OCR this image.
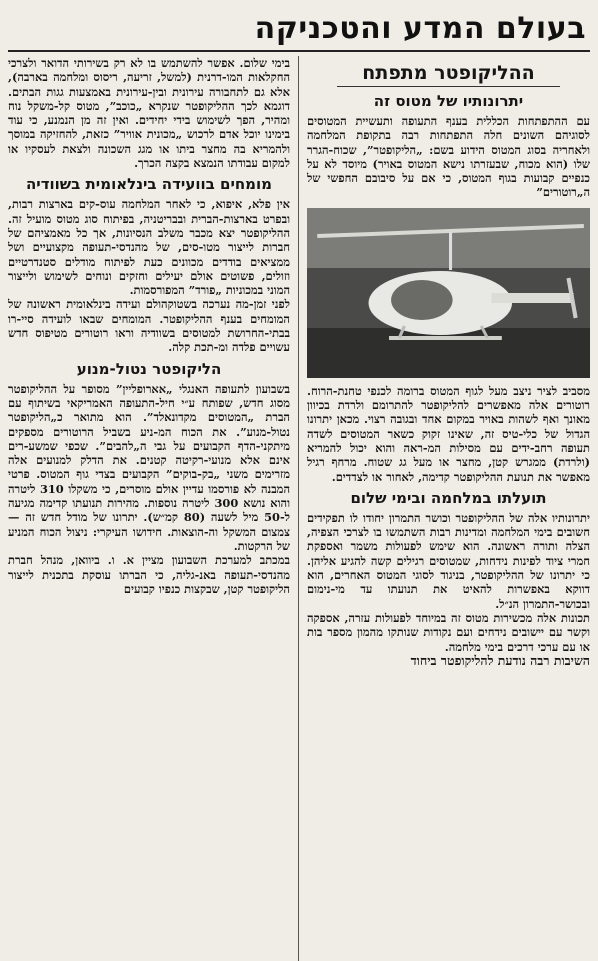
בעולם המדע והטכניקה
ההליקופטר מתפתח
יתרונותיו של מטוס זה

עם ההתפתחות הכללית בענף התעופה ותעשיית המטוסים לסוגיהם השונים חלה התפתחות רבה בתקופת המלחמה ולאחריה בסוג המטוס הידוע בשם: „הליקופטר”, שכוח-הגרר שלו (הוא מכוח, שבעזרתו נישא המטוס באויר) מיוסד לא על כנפיים קבועות בגוף המטוס, כי אם על סיבובם החפשי של ה„רוטורים”

מסביב לציר ניצב מעל לגוף המטוס ברומה לכנפי טחנת-הרוח. רוטורים אלה מאפשרים להליקופטר להתרומם ולרדת בכיוון מאונך ואף לשהות באויר במקום אחד ובגובה רצוי. מכאן יתרונו הגדול של כלי-טיס זה, שאינו זקוק כשאר המטוסים לשדה תעופה רחב-ידים עם מסילות המ-ראה והוא יכול להמריא (ולרדת) ממגרש קטן, מחצר או מעל גג שטוח. מרחף רגיל מאפשר את תנועת ההליקופטר קדימה, לאחור או לצדדים.

תועלתו במלחמה ובימי שלום

יתרונותיו אלה של ההליקופטר וכושר התמרון יחודו לו תפקידים חשובים בימי המלחמה ומדינות רבות השתמשו בו לצרכי הצפיה, הצלה ותורה ראשונה. הוא שימש לפעולות משמר ואספקת חמרי ציוד לפינות נידחות, שמטוסים רגילים קשה להגיע אליהן. כי יתרונו של ההליקופטר, בניגוד לסוגי המטוס האחרים, הוא דווקא באפשרות להאיט את תנועתו עד מי-נימום ובכושר-התמרון הנ״ל.

תכונות אלה מכשירות מטוס זה במיוחד לפעולות עזרה, אספקה וקשר עם יישובים נידחים ועם נקודות שנותקו מהמון מספר בות או עם ערכי דרכים בימי מלחמה.

השיבות רבה נודעת להליקופטר ביחוד

בימי שלום. אפשר להשתמש בו לא רק בשירותי הדואר ולצרכי החקלאות המו-דרנית (למשל, זריעה, ריסוס ומלחמה בארבה), אלא גם לתחבורה עירונית ובין-עירונית באמצעות גגות הבתים. דוגמא לכך ההליקופטר שנקרא „כוכב”, מטוס קל-משקל נוח ומהיר, הפך לשימוש בידי יחידים. ואין זה מן הנמנע, כי עוד בימינו יוכל אדם לרכוש „מכונית אוויר” כזאת, להחזיקה במוסך ולהמריא בה מחצר ביתו או מגג השכונה ולצאת לעסקיו או למקום עבודתו הנמצא בקצה הכרך.

מומחים בוועידה בינלאומית בשוודיה

אין פלא, איפוא, כי לאחר המלחמה עוס-קים בארצות רבות, ובפרט בארצות-הברית ובבריטניה, בפיתוח סוג מטוס מועיל זה. ההליקופטר יצא מכבר משלב הנסיונות, אך כל מאמציהם של חברות לייצור מטו-סים, של מהנדסי-תעופה מקצועיים ושל ממציאים בודדים מכוונים כעת לפיתוח מודלים סטנדרטיים וזולים, פשוטים אולם יעילים וחזקים ונוחים לשימוש ולייצור המוני במכוניות „פורד” המפורסמות.

לפני זמן-מה נערכה בשטוקהולם ועידה בינלאומית ראשונה של המומחים בענף ההליקופטר. המומחים שבאו לועידה סיי-רו בבתי-החרושת למטוסים בשוודיה וראו רוטורים מטיפוס חדש עשויים פלדה ומ-תכת קלה.

הליקופטר נטול-מנוע

בשבועון לתעופה האנגלי „אארופליין” מסופר על ההליקופטר מסוג חדש, שפותח ע״י חיל-התעופה האמריקאי בשיתוף עם הברת „המטוסים מקדונאלד”. הוא מתואר כ„הליקופטר נטול-מנוע”. את הכוח המ-ניע בשביל הרוטורים מספקים מיתקני-הדף הקבועים על גבי ה„להבים”. שכפי שמשע-רים אינם אלא מנועי-רקיטה קטנים. את הדלק למנועים אלה מזרימים משני „בק-בוקים” הקבועים בצדי גוף המטוס. פרטי המבנה לא פורסמו עדיין אולם מוסרים, כי משקלו 310 ליטרה והוא נושא 300 ליטרה נוספות. מהירות תנועתו קדימה מגיעה ל-50 מיל לשעה (80 קמ״ש). יתרונו של מודל חדש זה — צמצום המשקל וה-הוצאות. חידושו העיקרי: ניצול הכוח המניע של הרקטות.

במכתב למערכת השבועון מציין א. ו. ביוואן, מנהל חברת מהנדסי-תעופה באנ-גליה, כי הברתו עוסקת בתכנית לייצור הליקופטר קטן, שבקצות כנפיו קבועים
